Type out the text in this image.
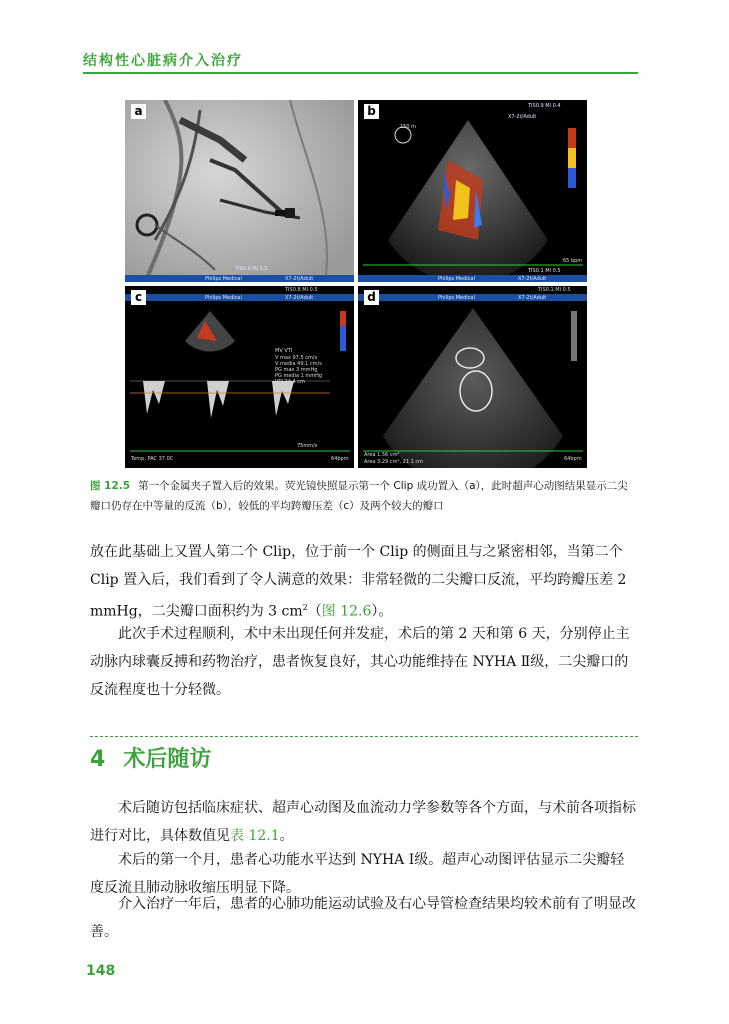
结构性心脏病介入治疗
a
TIS0.9 MI 0.5
Philips Medical	X7-2t/Adult
b	TIS0.9 MI 0.4
X7-2t/Adult
150 m
65 bpm
TIS0.1 MI 0.5
Philips Medical	X7-2t/Adult
c	TIS0.8 MI 0.5
Philips Medical	X7-2t/Adult
MV VTI
V max 97.5 cm/s
V media 49.1 cm/s
PG max 3 mmHg
PG media 1 mmHg
VTI 24.4 cm
75mm/s
Temp. PAC 37.0C	64bpm
d	TIS0.1 MI 0.5
Philips Medical	X7-2t/Adult
Area 1.56 cm²
Area 3.29 cm², 21.1 cm	64bpm
图 12.5 第一个金属夹子置入后的效果。荧光镜快照显示第一个 Clip 成功置入（a），此时超声心动图结果显示二尖瓣口仍存在中等量的反流（b），较低的平均跨瓣压差（c）及两个较大的瓣口
放在此基础上又置人第二个 Clip，位于前一个 Clip 的侧面且与之紧密相邻，当第二个 Clip 置入后，我们看到了令人满意的效果：非常轻微的二尖瓣口反流，平均跨瓣压差 2 mmHg，二尖瓣口面积约为 3 $cm^2$（图 12.6）。
此次手术过程顺利，术中未出现任何并发症，术后的第 2 天和第 6 天，分别停止主动脉内球囊反搏和药物治疗，患者恢复良好，其心功能维持在 NYHA Ⅱ级，二尖瓣口的反流程度也十分轻微。
4 术后随访
术后随访包括临床症状、超声心动图及血流动力学参数等各个方面，与术前各项指标进行对比，具体数值见表 12.1。
术后的第一个月，患者心功能水平达到 NYHA Ⅰ级。超声心动图评估显示二尖瓣轻度反流且肺动脉收缩压明显下降。
介入治疗一年后，患者的心肺功能运动试验及右心导管检查结果均较术前有了明显改善。
148
